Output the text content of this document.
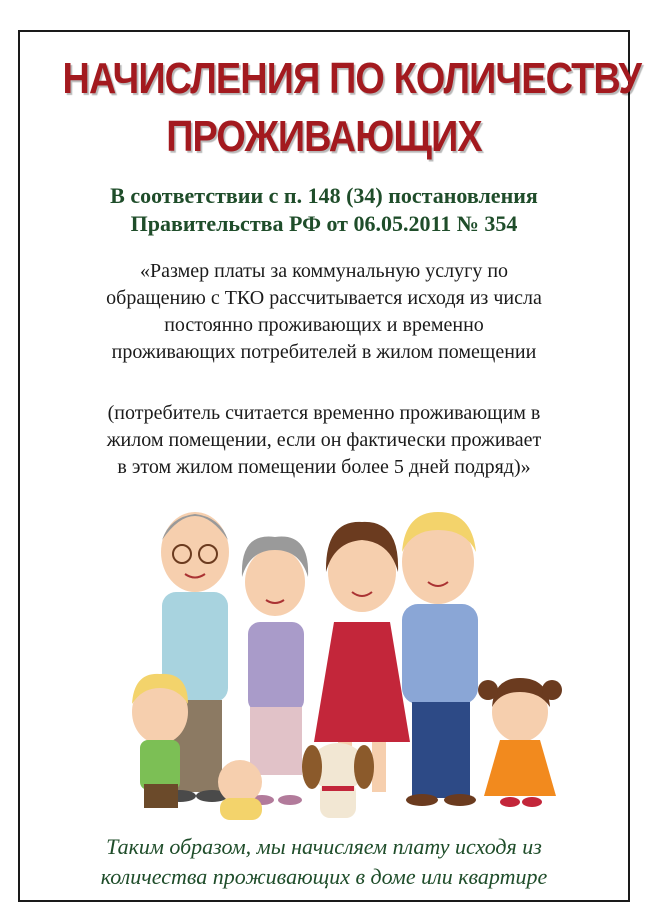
НАЧИСЛЕНИЯ ПО КОЛИЧЕСТВУ
ПРОЖИВАЮЩИХ
В соответствии с п. 148 (34) постановления
Правительства РФ от 06.05.2011 № 354
«Размер платы за коммунальную услугу по
обращению с ТКО рассчитывается исходя из числа
постоянно проживающих и временно
проживающих потребителей в жилом помещении
(потребитель считается временно проживающим в
жилом помещении, если он фактически проживает
в этом жилом помещении более 5 дней подряд)»
Таким образом, мы начисляем плату исходя из
количества проживающих в доме или квартире
